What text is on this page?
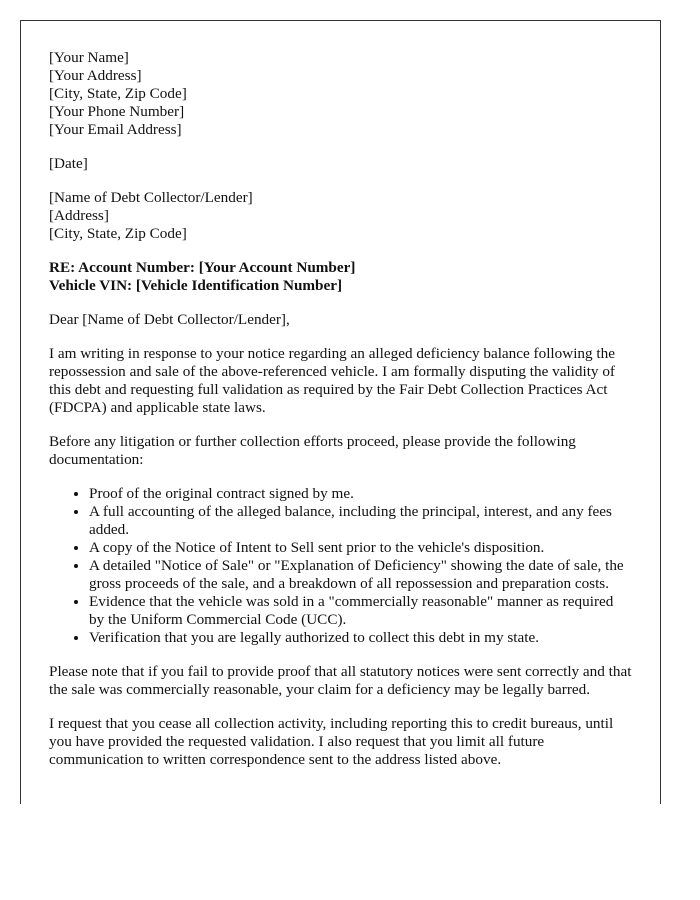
[Your Name]
[Your Address]
[City, State, Zip Code]
[Your Phone Number]
[Your Email Address]

[Date]

[Name of Debt Collector/Lender]
[Address]
[City, State, Zip Code]

RE: Account Number: [Your Account Number]
Vehicle VIN: [Vehicle Identification Number]

Dear [Name of Debt Collector/Lender],

I am writing in response to your notice regarding an alleged deficiency balance following the repossession and sale of the above-referenced vehicle. I am formally disputing the validity of this debt and requesting full validation as required by the Fair Debt Collection Practices Act (FDCPA) and applicable state laws.

Before any litigation or further collection efforts proceed, please provide the following documentation:

• Proof of the original contract signed by me.
• A full accounting of the alleged balance, including the principal, interest, and any fees added.
• A copy of the Notice of Intent to Sell sent prior to the vehicle's disposition.
• A detailed "Notice of Sale" or "Explanation of Deficiency" showing the date of sale, the gross proceeds of the sale, and a breakdown of all repossession and preparation costs.
• Evidence that the vehicle was sold in a "commercially reasonable" manner as required by the Uniform Commercial Code (UCC).
• Verification that you are legally authorized to collect this debt in my state.

Please note that if you fail to provide proof that all statutory notices were sent correctly and that the sale was commercially reasonable, your claim for a deficiency may be legally barred.

I request that you cease all collection activity, including reporting this to credit bureaus, until you have provided the requested validation. I also request that you limit all future communication to written correspondence sent to the address listed above.
